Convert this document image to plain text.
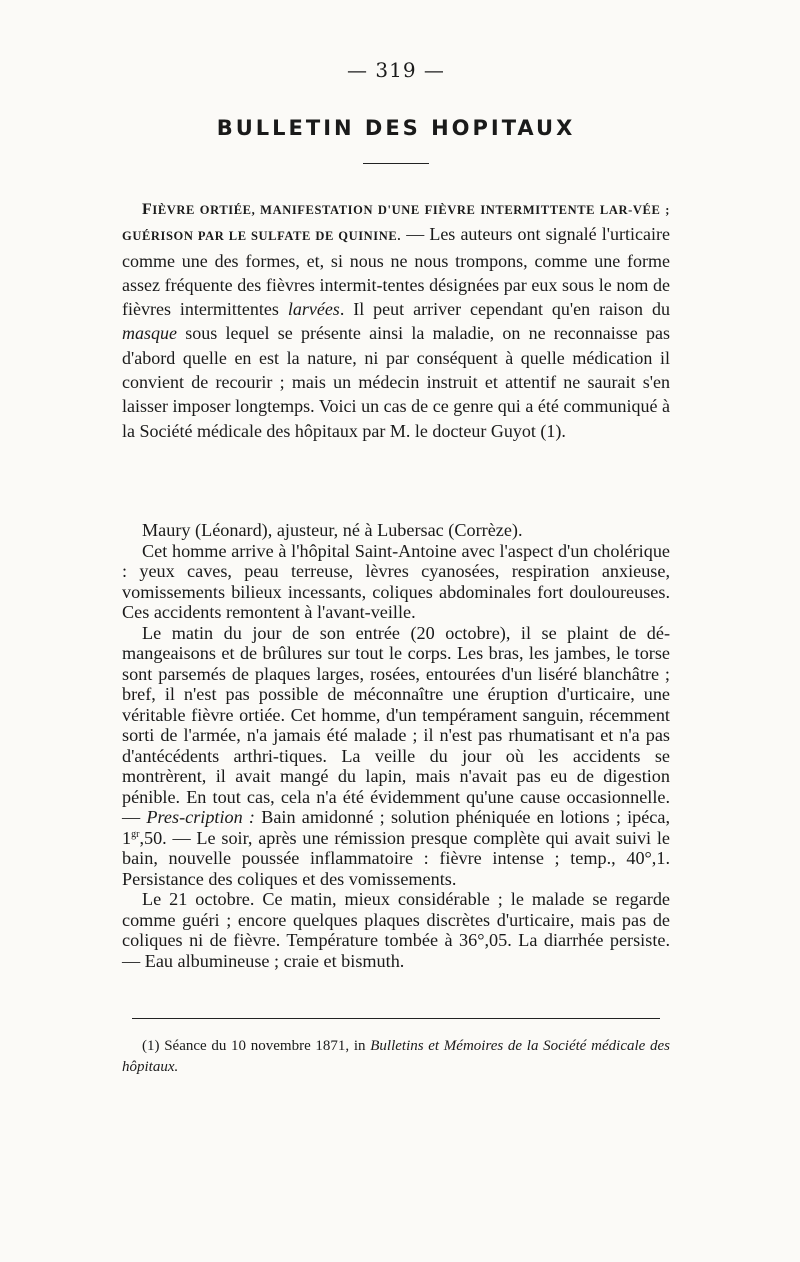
— 319 —
BULLETIN DES HOPITAUX

FIÈVRE ORTIÉE, MANIFESTATION D'UNE FIÈVRE INTERMITTENTE LAR-VÉE ; GUÉRISON PAR LE SULFATE DE QUININE. — Les auteurs ont signalé l'urticaire comme une des formes, et, si nous ne nous trompons, comme une forme assez fréquente des fièvres intermit-tentes désignées par eux sous le nom de fièvres intermittentes larvées. Il peut arriver cependant qu'en raison du masque sous lequel se présente ainsi la maladie, on ne reconnaisse pas d'abord quelle en est la nature, ni par conséquent à quelle médication il convient de recourir ; mais un médecin instruit et attentif ne saurait s'en laisser imposer longtemps. Voici un cas de ce genre qui a été communiqué à la Société médicale des hôpitaux par M. le docteur Guyot (1).

Maury (Léonard), ajusteur, né à Lubersac (Corrèze).

Cet homme arrive à l'hôpital Saint-Antoine avec l'aspect d'un cholérique : yeux caves, peau terreuse, lèvres cyanosées, respiration anxieuse, vomissements bilieux incessants, coliques abdominales fort douloureuses. Ces accidents remontent à l'avant-veille.

Le matin du jour de son entrée (20 octobre), il se plaint de dé-mangeaisons et de brûlures sur tout le corps. Les bras, les jambes, le torse sont parsemés de plaques larges, rosées, entourées d'un liséré blanchâtre ; bref, il n'est pas possible de méconnaître une éruption d'urticaire, une véritable fièvre ortiée. Cet homme, d'un tempérament sanguin, récemment sorti de l'armée, n'a jamais été malade ; il n'est pas rhumatisant et n'a pas d'antécédents arthri-tiques. La veille du jour où les accidents se montrèrent, il avait mangé du lapin, mais n'avait pas eu de digestion pénible. En tout cas, cela n'a été évidemment qu'une cause occasionnelle. — Pres-cription : Bain amidonné ; solution phéniquée en lotions ; ipéca, $1^{gr},50$. — Le soir, après une rémission presque complète qui avait suivi le bain, nouvelle poussée inflammatoire : fièvre intense ; temp., 40°,1. Persistance des coliques et des vomissements.

Le 21 octobre. Ce matin, mieux considérable ; le malade se regarde comme guéri ; encore quelques plaques discrètes d'urticaire, mais pas de coliques ni de fièvre. Température tombée à 36°,05. La diarrhée persiste. — Eau albumineuse ; craie et bismuth.

(1) Séance du 10 novembre 1871, in Bulletins et Mémoires de la Société médicale des hôpitaux.
